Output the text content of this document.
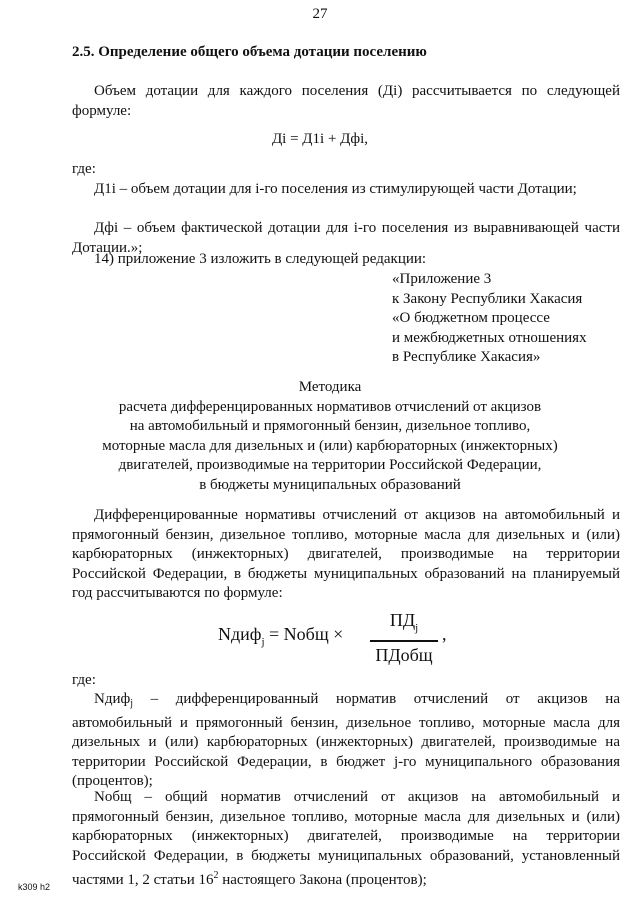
27
2.5. Определение общего объема дотации поселению
Объем дотации для каждого поселения (Дi) рассчитывается по следующей формуле:
Дi = Д1i + Дфi,
где:
Д1i – объем дотации для i-го поселения из стимулирующей части Дотации;
Дфi – объем фактической дотации для i-го поселения из выравнивающей части Дотации.»;
14) приложение 3 изложить в следующей редакции:
«Приложение 3
к Закону Республики Хакасия
«О бюджетном процессе
и межбюджетных отношениях
в Республике Хакасия»
Методика
расчета дифференцированных нормативов отчислений от акцизов
на автомобильный и прямогонный бензин, дизельное топливо,
моторные масла для дизельных и (или) карбюраторных (инжекторных)
двигателей, производимые на территории Российской Федерации,
в бюджеты муниципальных образований
Дифференцированные нормативы отчислений от акцизов на автомобильный и прямогонный бензин, дизельное топливо, моторные масла для дизельных и (или) карбюраторных (инжекторных) двигателей, производимые на территории Российской Федерации, в бюджеты муниципальных образований на планируемый год рассчитываются по формуле:
Nдиф$_j$ = Nобщ ×
$ПД_j$
ПДобщ
,
где:
Nдиф$_j$ – дифференцированный норматив отчислений от акцизов на автомобильный и прямогонный бензин, дизельное топливо, моторные масла для дизельных и (или) карбюраторных (инжекторных) двигателей, производимые на территории Российской Федерации, в бюджет j-го муниципального образования (процентов);
Nобщ – общий норматив отчислений от акцизов на автомобильный и прямогонный бензин, дизельное топливо, моторные масла для дизельных и (или) карбюраторных (инжекторных) двигателей, производимые на территории Российской Федерации, в бюджеты муниципальных образований, установленный частями 1, 2 статьи $16^2$ настоящего Закона (процентов);
k309 h2
